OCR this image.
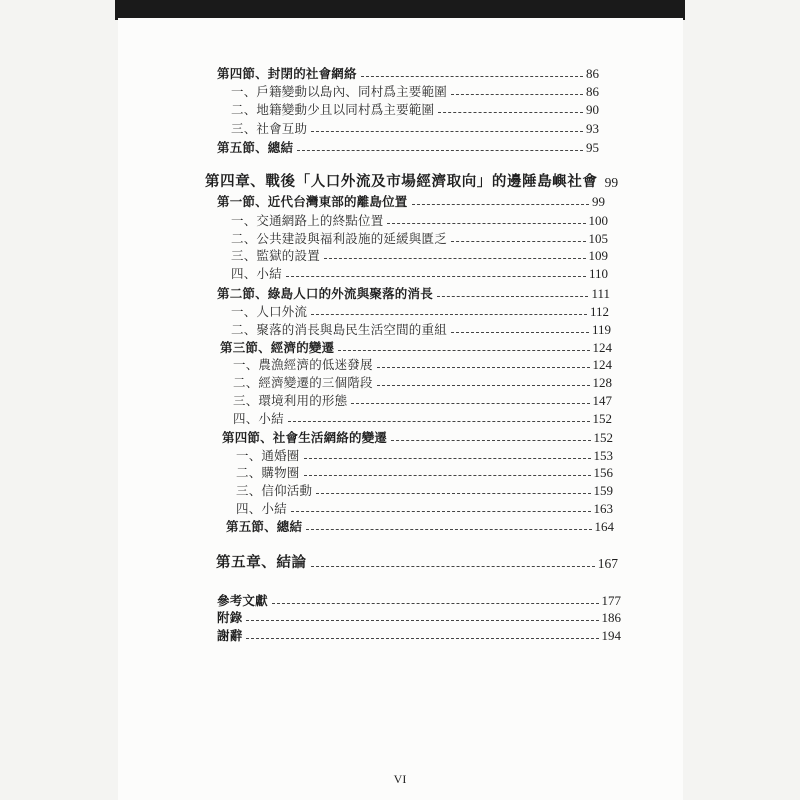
第四節、封閉的社會網絡	86
一、戶籍變動以島內、同村爲主要範圍	86
二、地籍變動少且以同村爲主要範圍	90
三、社會互助	93
第五節、總結	95
第四章、戰後「人口外流及市場經濟取向」的邊陲島嶼社會 99
第一節、近代台灣東部的離島位置	99
一、交通網路上的終點位置	100
二、公共建設與福利設施的延緩與匱乏	105
三、監獄的設置	109
四、小結	110
第二節、綠島人口的外流與聚落的消長	111
一、人口外流	112
二、聚落的消長與島民生活空間的重組	119
第三節、經濟的變遷	124
一、農漁經濟的低迷發展	124
二、經濟變遷的三個階段	128
三、環境利用的形態	147
四、小結	152
第四節、社會生活網絡的變遷	152
一、通婚圈	153
二、購物圈	156
三、信仰活動	159
四、小結	163
第五節、總結	164
第五章、結論	167
參考文獻	177
附錄	186
謝辭	194
VI
